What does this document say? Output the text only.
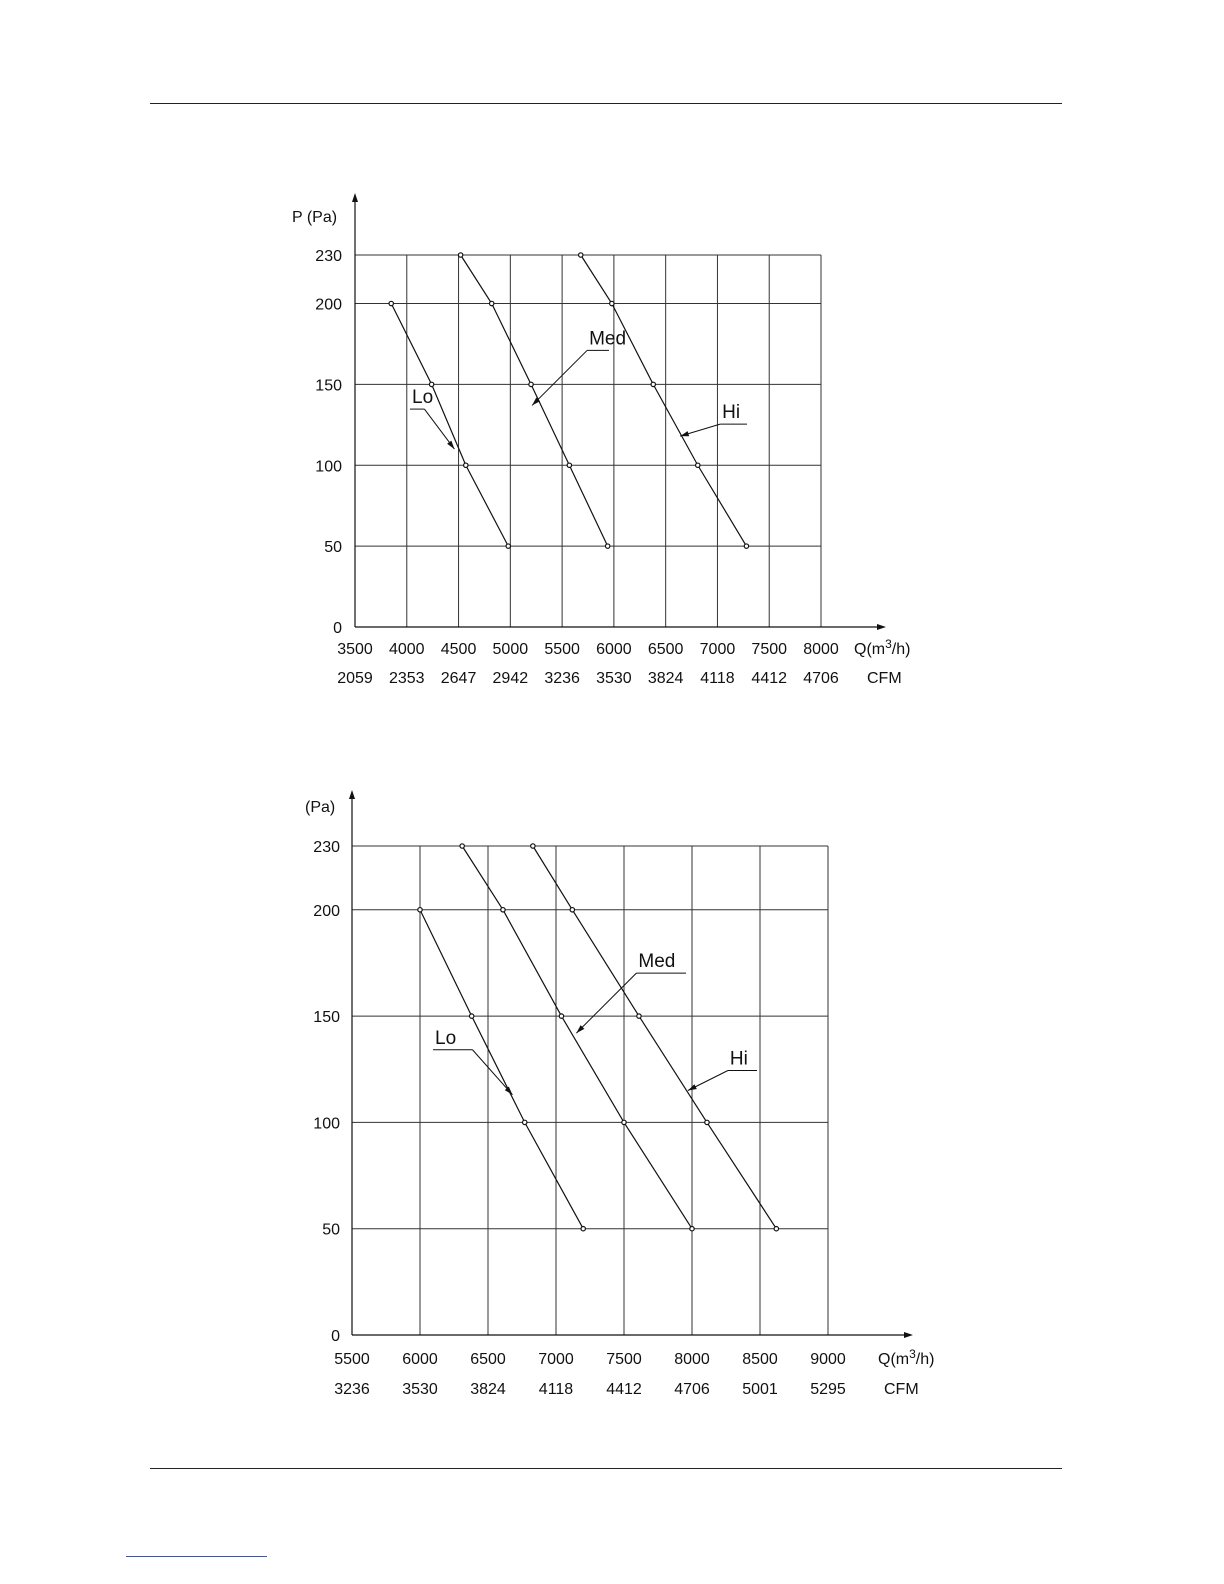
0
50
100
150
200
230
3500
2059
4000
2353
4500
2647
5000
2942
5500
3236
6000
3530
6500
3824
7000
4118
7500
4412
8000
4706
P (Pa)
$Q(m^3/h)$
CFM
Lo
Med
Hi
0
50
100
150
200
230
5500
3236
6000
3530
6500
3824
7000
4118
7500
4412
8000
4706
8500
5001
9000
5295
(Pa)
$Q(m^3/h)$
CFM
Lo
Med
Hi
